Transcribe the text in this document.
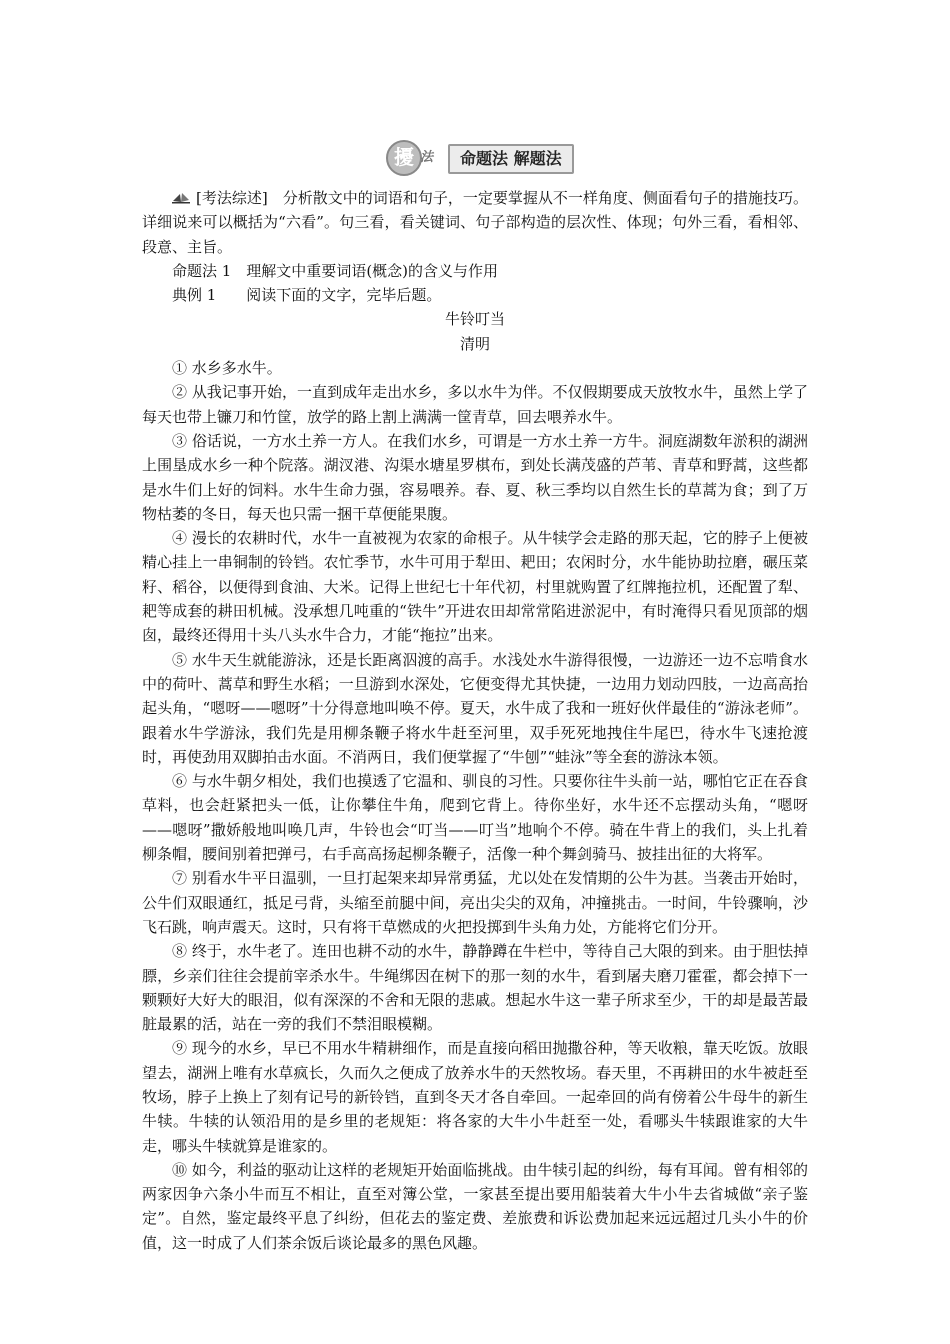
擾 法	命题法 解题法

[考法综述]　 分析散文中的词语和句子，一定要掌握从不一样角度、侧面看句子的措施技巧。详细说来可以概括为“六看”。句三看，看关键词、句子部构造的层次性、体现；句外三看，看相邻、段意、主旨。

命题法 1　理解文中重要词语(概念)的含义与作用

典例 1　　阅读下面的文字，完毕后题。

牛铃叮当

清明

① 水乡多水牛。

② 从我记事开始，一直到成年走出水乡，多以水牛为伴。不仅假期要成天放牧水牛，虽然上学了每天也带上镰刀和竹筐，放学的路上割上满满一筐青草，回去喂养水牛。

③ 俗话说，一方水土养一方人。在我们水乡，可谓是一方水土养一方牛。洞庭湖数年淤积的湖洲上围垦成水乡一种个院落。湖汊港、沟渠水塘星罗棋布，到处长满茂盛的芦苇、青草和野蒿，这些都是水牛们上好的饲料。水牛生命力强，容易喂养。春、夏、秋三季均以自然生长的草蒿为食；到了万物枯萎的冬日，每天也只需一捆干草便能果腹。

④ 漫长的农耕时代，水牛一直被视为农家的命根子。从牛犊学会走路的那天起，它的脖子上便被精心挂上一串铜制的铃铛。农忙季节，水牛可用于犁田、耙田；农闲时分，水牛能协助拉磨，碾压菜籽、稻谷，以便得到食油、大米。记得上世纪七十年代初，村里就购置了红牌拖拉机，还配置了犁、耙等成套的耕田机械。没承想几吨重的“铁牛”开进农田却常常陷进淤泥中，有时淹得只看见顶部的烟囱，最终还得用十头八头水牛合力，才能“拖拉”出来。

⑤ 水牛天生就能游泳，还是长距离泅渡的高手。水浅处水牛游得很慢，一边游还一边不忘啃食水中的荷叶、蒿草和野生水稻；一旦游到水深处，它便变得尤其快捷，一边用力划动四肢，一边高高抬起头角，“嗯呀——嗯呀”十分得意地叫唤不停。夏天，水牛成了我和一班好伙伴最佳的“游泳老师”。跟着水牛学游泳，我们先是用柳条鞭子将水牛赶至河里，双手死死地拽住牛尾巴，待水牛飞速抢渡时，再使劲用双脚拍击水面。不消两日，我们便掌握了“牛刨”“蛙泳”等全套的游泳本领。

⑥ 与水牛朝夕相处，我们也摸透了它温和、驯良的习性。只要你往牛头前一站，哪怕它正在吞食草料，也会赶紧把头一低，让你攀住牛角，爬到它背上。待你坐好，水牛还不忘摆动头角，“嗯呀——嗯呀”撒娇般地叫唤几声，牛铃也会“叮当——叮当”地响个不停。骑在牛背上的我们，头上扎着柳条帽，腰间别着把弹弓，右手高高扬起柳条鞭子，活像一种个舞剑骑马、披挂出征的大将军。

⑦ 别看水牛平日温驯，一旦打起架来却异常勇猛，尤以处在发情期的公牛为甚。当袭击开始时，公牛们双眼通红，抵足弓背，头缩至前腿中间，亮出尖尖的双角，冲撞挑击。一时间，牛铃骤响，沙飞石跳，响声震天。这时，只有将干草燃成的火把投掷到牛头角力处，方能将它们分开。

⑧ 终于，水牛老了。连田也耕不动的水牛，静静蹲在牛栏中，等待自己大限的到来。由于胆怯掉膘，乡亲们往往会提前宰杀水牛。牛绳绑因在树下的那一刻的水牛，看到屠夫磨刀霍霍，都会掉下一颗颗好大好大的眼泪，似有深深的不舍和无限的悲戚。想起水牛这一辈子所求至少，干的却是最苦最脏最累的活，站在一旁的我们不禁泪眼模糊。

⑨ 现今的水乡，早已不用水牛精耕细作，而是直接向稻田抛撒谷种，等天收粮，靠天吃饭。放眼望去，湖洲上唯有水草疯长，久而久之便成了放养水牛的天然牧场。春天里，不再耕田的水牛被赶至牧场，脖子上换上了刻有记号的新铃铛，直到冬天才各自牵回。一起牵回的尚有傍着公牛母牛的新生牛犊。牛犊的认领沿用的是乡里的老规矩：将各家的大牛小牛赶至一处，看哪头牛犊跟谁家的大牛走，哪头牛犊就算是谁家的。

⑩ 如今，利益的驱动让这样的老规矩开始面临挑战。由牛犊引起的纠纷，每有耳闻。曾有相邻的两家因争六条小牛而互不相让，直至对簿公堂，一家甚至提出要用船装着大牛小牛去省城做“亲子鉴定”。自然，鉴定最终平息了纠纷，但花去的鉴定费、差旅费和诉讼费加起来远远超过几头小牛的价值，这一时成了人们茶余饭后谈论最多的黑色风趣。
